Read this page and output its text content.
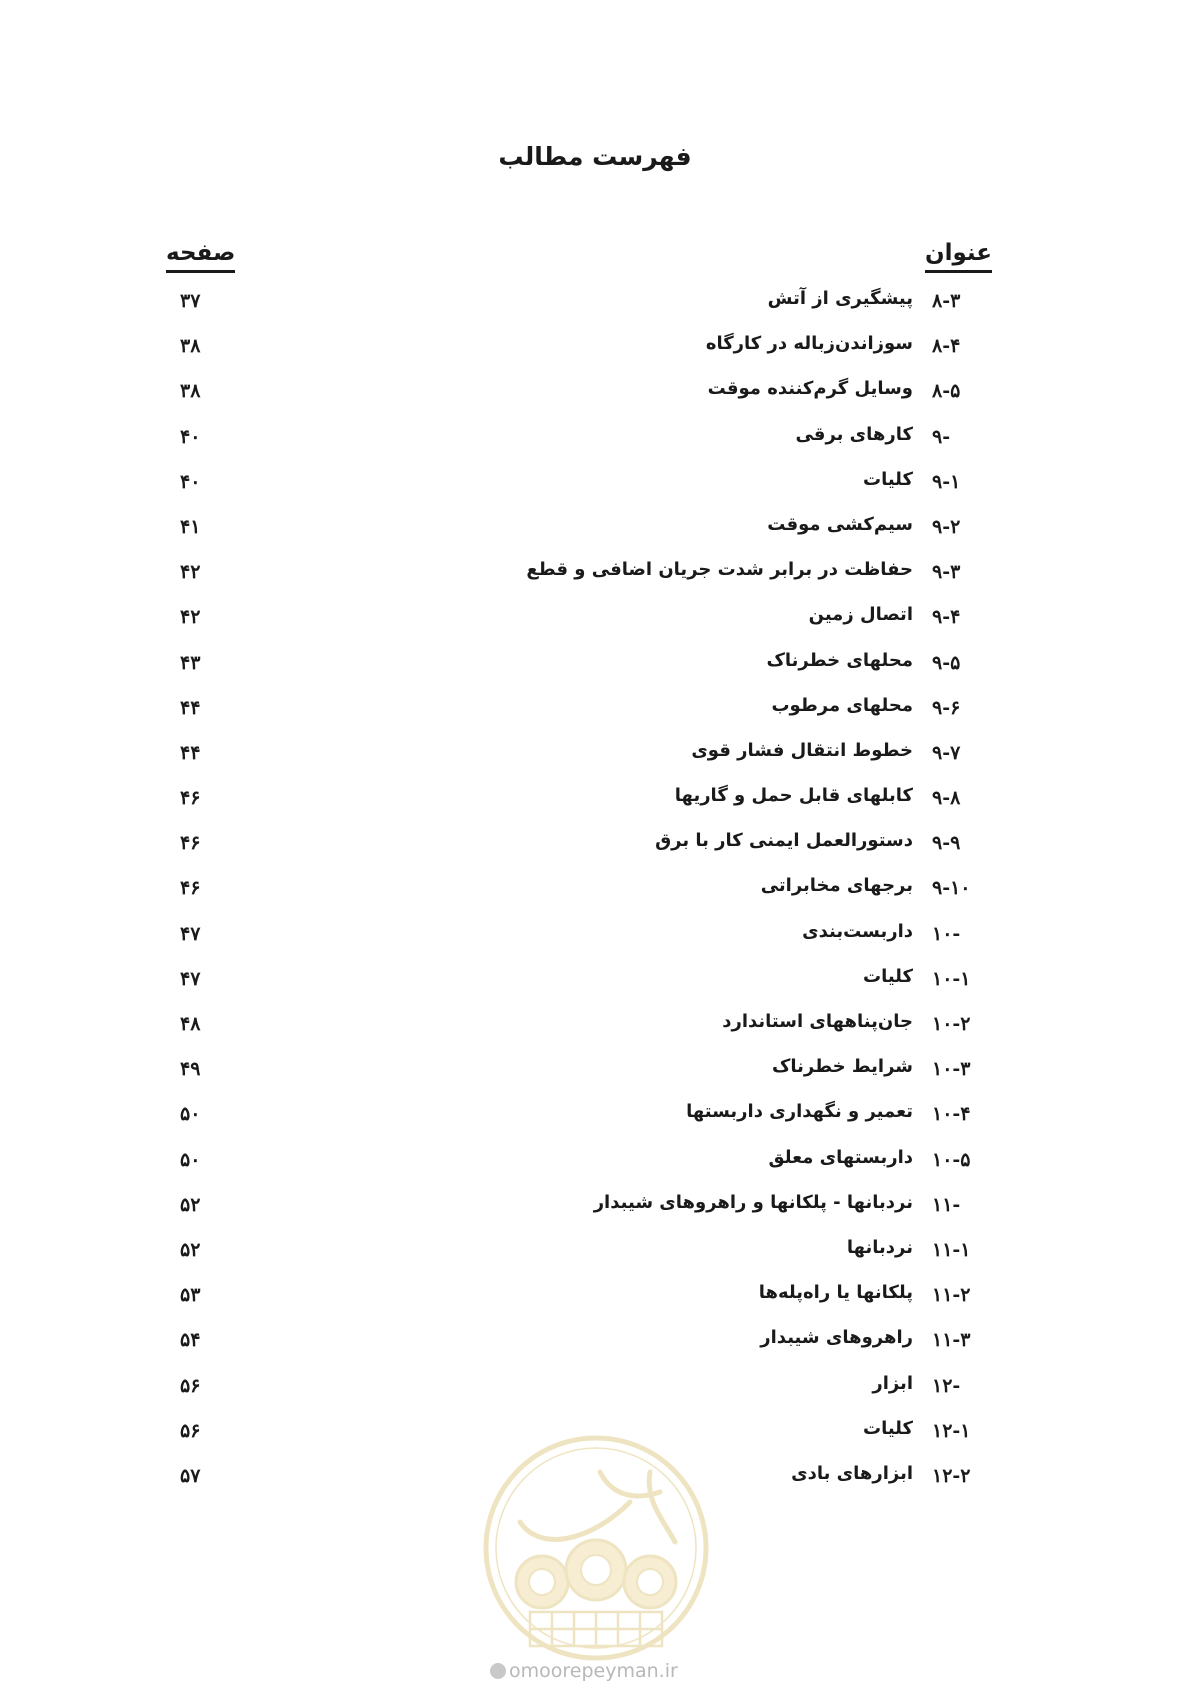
فهرست مطالب
عنوان
صفحه
۸-۳
پیشگیری از آتش
۳۷
۸-۴
سوزاندن‌زباله در کارگاه
۳۸
۸-۵
وسایل گرم‌کننده موقت
۳۸
۹-
کارهای برقی
۴۰
۹-۱
کلیات
۴۰
۹-۲
سیم‌کشی موقت
۴۱
۹-۳
حفاظت در برابر شدت جریان اضافی و قطع
۴۲
۹-۴
اتصال زمین
۴۲
۹-۵
محلهای خطرناک
۴۳
۹-۶
محلهای مرطوب
۴۴
۹-۷
خطوط انتقال فشار قوی
۴۴
۹-۸
کابلهای قابل حمل و گاریها
۴۶
۹-۹
دستورالعمل ایمنی کار با برق
۴۶
۹-۱۰
برجهای مخابراتی
۴۶
۱۰-
داربست‌بندی
۴۷
۱۰-۱
کلیات
۴۷
۱۰-۲
جان‌پناههای استاندارد
۴۸
۱۰-۳
شرایط خطرناک
۴۹
۱۰-۴
تعمیر و نگهداری داربستها
۵۰
۱۰-۵
داربستهای معلق
۵۰
۱۱-
نردبانها - پلکانها و راهروهای شیبدار
۵۲
۱۱-۱
نردبانها
۵۲
۱۱-۲
پلکانها یا راه‌پله‌ها
۵۳
۱۱-۳
راهروهای شیبدار
۵۴
۱۲-
ابزار
۵۶
۱۲-۱
کلیات
۵۶
۱۲-۲
ابزارهای بادی
۵۷
omoorepeyman.ir
